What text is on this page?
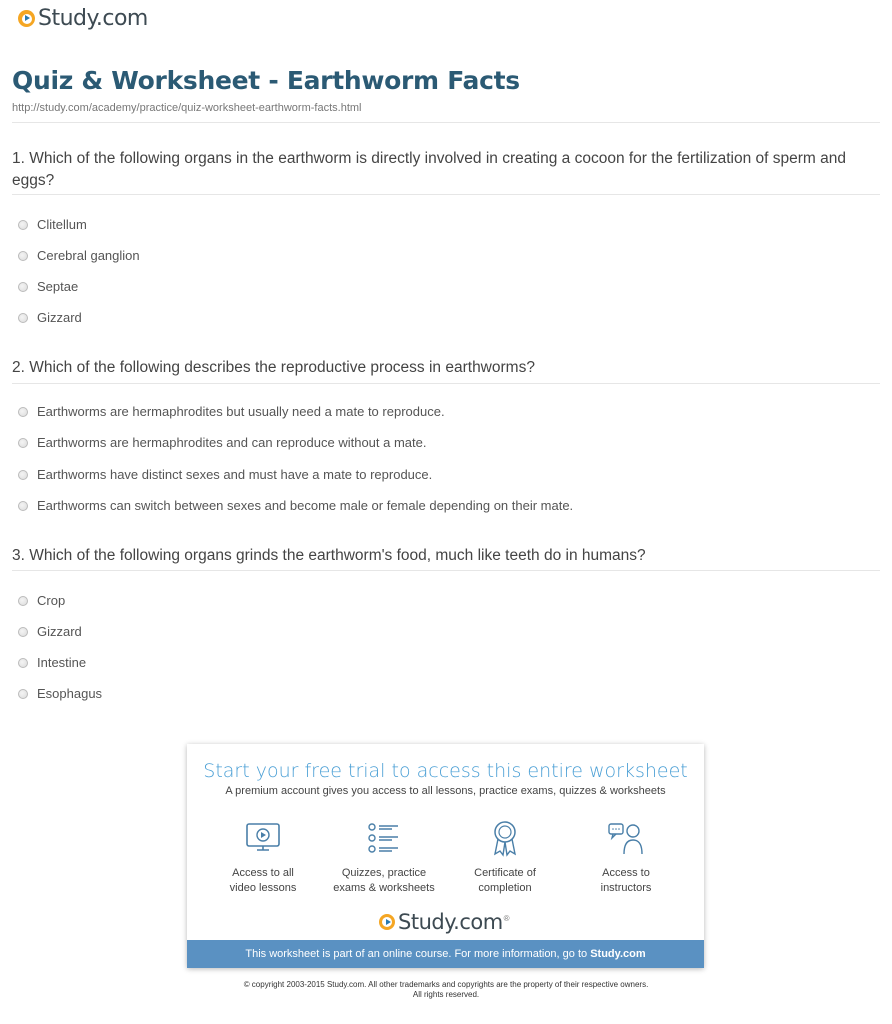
Study.com
Quiz & Worksheet - Earthworm Facts
http://study.com/academy/practice/quiz-worksheet-earthworm-facts.html
1. Which of the following organs in the earthworm is directly involved in creating a cocoon for the fertilization of sperm and eggs?
Clitellum
Cerebral ganglion
Septae
Gizzard
2. Which of the following describes the reproductive process in earthworms?
Earthworms are hermaphrodites but usually need a mate to reproduce.
Earthworms are hermaphrodites and can reproduce without a mate.
Earthworms have distinct sexes and must have a mate to reproduce.
Earthworms can switch between sexes and become male or female depending on their mate.
3. Which of the following organs grinds the earthworm's food, much like teeth do in humans?
Crop
Gizzard
Intestine
Esophagus
Start your free trial to access this entire worksheet
A premium account gives you access to all lessons, practice exams, quizzes & worksheets
Access to all
video lessons
Quizzes, practice
exams & worksheets
Certificate of
completion
Access to
instructors
Study.com ®
This worksheet is part of an online course. For more information, go to Study.com
© copyright 2003-2015 Study.com. All other trademarks and copyrights are the property of their respective owners.
All rights reserved.
